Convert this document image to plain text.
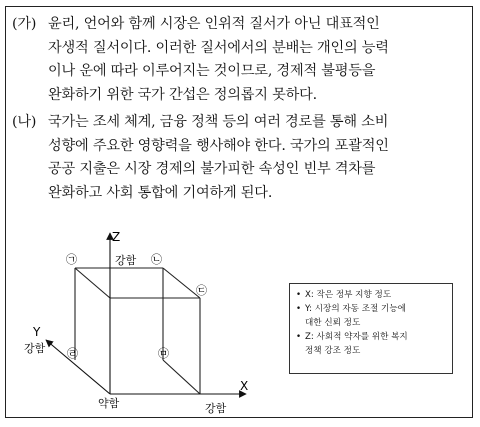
(가) 윤리, 언어와 함께 시장은 인위적 질서가 아닌 대표적인
자생적 질서이다. 이러한 질서에서의 분배는 개인의 능력
이나 운에 따라 이루어지는 것이므로, 경제적 불평등을
완화하기 위한 국가 간섭은 정의롭지 못하다.
(나) 국가는 조세 체계, 금융 정책 등의 여러 경로를 통해 소비
성향에 주요한 영향력을 행사해야 한다. 국가의 포괄적인
공공 지출은 시장 경제의 불가피한 속성인 빈부 격차를
완화하고 사회 통합에 기여하게 된다.
Z
Y
X
강함
강함
강함
약함
㉠	㉡
㉢
㉣	㉤
• X: 작은 정부 지향 정도
• Y: 시장의 자동 조절 기능에
대한 신뢰 정도
• Z: 사회적 약자를 위한 복지
정책 강조 정도
